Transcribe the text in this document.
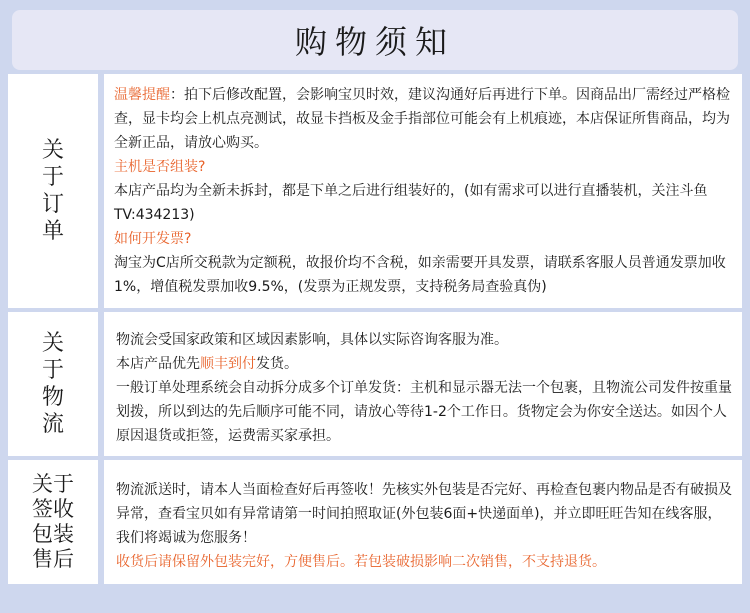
购物须知
关
于
订
单
温馨提醒：拍下后修改配置，会影响宝贝时效，建议沟通好后再进行下单。因商品出厂需经过严格检查，显卡均会上机点亮测试，故显卡挡板及金手指部位可能会有上机痕迹，本店保证所售商品，均为全新正品，请放心购买。
主机是否组装?
本店产品均为全新未拆封，都是下单之后进行组装好的，(如有需求可以进行直播装机，关注斗鱼TV:434213)
如何开发票?
淘宝为C店所交税款为定额税，故报价均不含税，如亲需要开具发票，请联系客服人员普通发票加收1%，增值税发票加收9.5%，(发票为正规发票，支持税务局查验真伪)
关
于
物
流
物流会受国家政策和区域因素影响，具体以实际咨询客服为准。
本店产品优先顺丰到付发货。
一般订单处理系统会自动拆分成多个订单发货：主机和显示器无法一个包裹，且物流公司发件按重量划拨，所以到达的先后顺序可能不同，请放心等待1-2个工作日。货物定会为你安全送达。如因个人原因退货或拒签，运费需买家承担。
关于
签收
包装
售后
物流派送时，请本人当面检查好后再签收！先核实外包装是否完好、再检查包裹内物品是否有破损及异常，查看宝贝如有异常请第一时间拍照取证(外包装6面+快递面单)，并立即旺旺告知在线客服，我们将竭诚为您服务！
收货后请保留外包装完好，方便售后。若包装破损影响二次销售，不支持退货。
